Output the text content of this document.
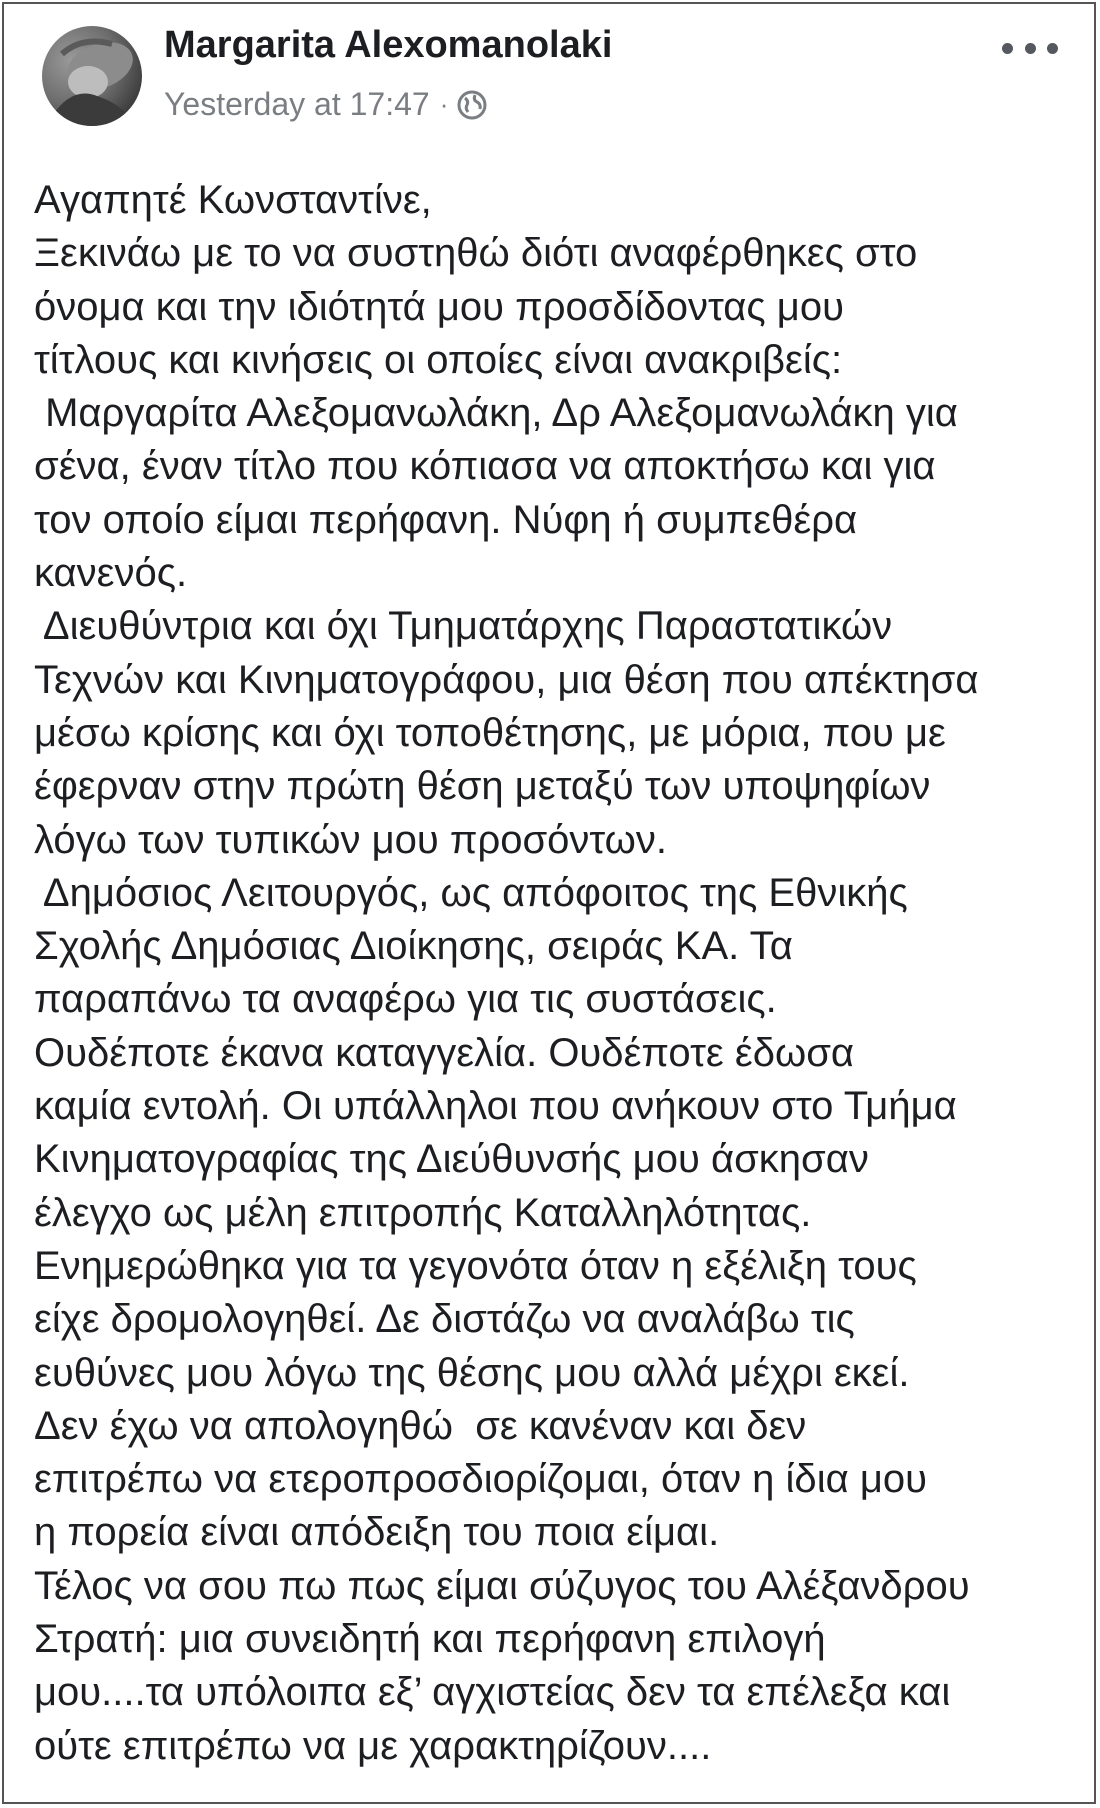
Margarita Alexomanolaki
Yesterday at 17:47 ·
Αγαπητέ Κωνσταντίνε,
Ξεκινάω με το να συστηθώ διότι αναφέρθηκες στο
όνομα και την ιδιότητά μου προσδίδοντας μου
τίτλους και κινήσεις οι οποίες είναι ανακριβείς:
Μαργαρίτα Αλεξομανωλάκη, Δρ Αλεξομανωλάκη για
σένα, έναν τίτλο που κόπιασα να αποκτήσω και για
τον οποίο είμαι περήφανη. Νύφη ή συμπεθέρα
κανενός.
Διευθύντρια και όχι Τμηματάρχης Παραστατικών
Τεχνών και Κινηματογράφου, μια θέση που απέκτησα
μέσω κρίσης και όχι τοποθέτησης, με μόρια, που με
έφερναν στην πρώτη θέση μεταξύ των υποψηφίων
λόγω των τυπικών μου προσόντων.
Δημόσιος Λειτουργός, ως απόφοιτος της Εθνικής
Σχολής Δημόσιας Διοίκησης, σειράς ΚΑ. Τα
παραπάνω τα αναφέρω για τις συστάσεις.
Ουδέποτε έκανα καταγγελία. Ουδέποτε έδωσα
καμία εντολή. Οι υπάλληλοι που ανήκουν στο Τμήμα
Κινηματογραφίας της Διεύθυνσής μου άσκησαν
έλεγχο ως μέλη επιτροπής Καταλληλότητας.
Ενημερώθηκα για τα γεγονότα όταν η εξέλιξη τους
είχε δρομολογηθεί. Δε διστάζω να αναλάβω τις
ευθύνες μου λόγω της θέσης μου αλλά μέχρι εκεί.
Δεν έχω να απολογηθώ  σε κανέναν και δεν
επιτρέπω να ετεροπροσδιορίζομαι, όταν η ίδια μου
η πορεία είναι απόδειξη του ποια είμαι.
Τέλος να σου πω πως είμαι σύζυγος του Αλέξανδρου
Στρατή: μια συνειδητή και περήφανη επιλογή
μου....τα υπόλοιπα εξ’ αγχιστείας δεν τα επέλεξα και
ούτε επιτρέπω να με χαρακτηρίζουν....
